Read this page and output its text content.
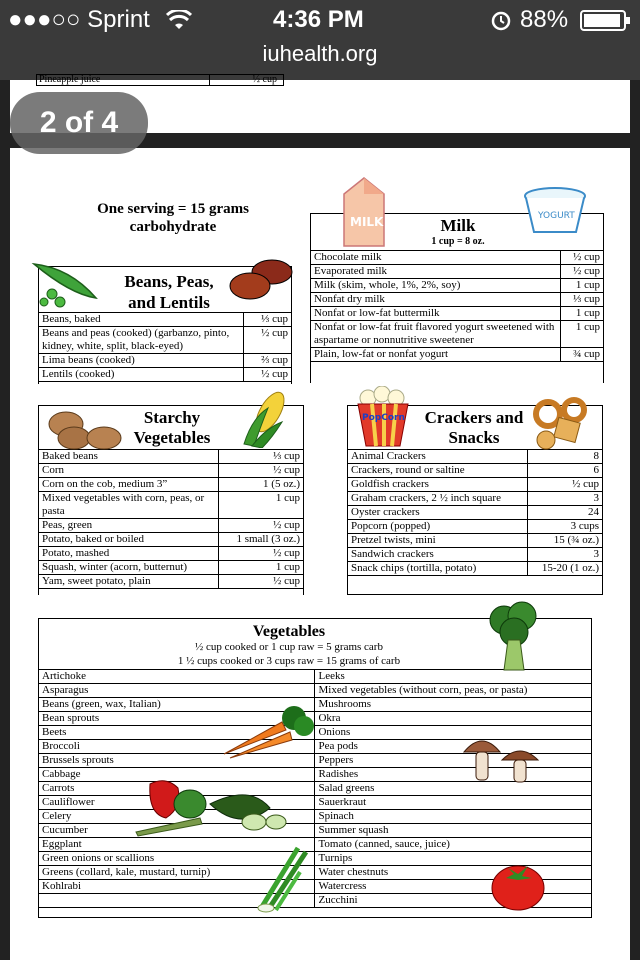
●●●○○ Sprint	4:36 PM	88%
iuhealth.org
Pineapple juice	½ cup
2 of 4
One serving = 15 grams carbohydrate
Beans, Peas,
and Lentils
Beans, baked	⅓ cup
Beans and peas (cooked) (garbanzo, pinto, kidney, white, split, black-eyed)	½ cup
Lima beans (cooked)	⅔ cup
Lentils (cooked)	½ cup
Milk
1 cup = 8 oz.
Chocolate milk	½ cup
Evaporated milk	½ cup
Milk (skim, whole, 1%, 2%, soy)	1 cup
Nonfat dry milk	⅓ cup
Nonfat or low-fat buttermilk	1 cup
Nonfat or low-fat fruit flavored yogurt sweetened with aspartame or nonnutritive sweetener	1 cup
Plain, low-fat or nonfat yogurt	¾ cup
MILK	YOGURT
Starchy
Vegetables
Baked beans	⅓ cup
Corn	½ cup
Corn on the cob, medium 3”	1 (5 oz.)
Mixed vegetables with corn, peas, or pasta	1 cup
Peas, green	½ cup
Potato, baked or boiled	1 small (3 oz.)
Potato, mashed	½ cup
Squash, winter (acorn, butternut)	1 cup
Yam, sweet potato, plain	½ cup
Crackers and
Snacks
Animal Crackers	8
Crackers, round or saltine	6
Goldfish crackers	½ cup
Graham crackers, 2 ½ inch square	3
Oyster crackers	24
Popcorn (popped)	3 cups
Pretzel twists, mini	15 (¾ oz.)
Sandwich crackers	3
Snack chips (tortilla, potato)	15-20 (1 oz.)
PopCorn
Vegetables
½ cup cooked or 1 cup raw = 5 grams carb
1 ½ cups cooked or 3 cups raw = 15 grams of carb
Artichoke	Leeks
Asparagus	Mixed vegetables (without corn, peas, or pasta)
Beans (green, wax, Italian)	Mushrooms
Bean sprouts	Okra
Beets	Onions
Broccoli	Pea pods
Brussels sprouts	Peppers
Cabbage	Radishes
Carrots	Salad greens
Cauliflower	Sauerkraut
Celery	Spinach
Cucumber	Summer squash
Eggplant	Tomato (canned, sauce, juice)
Green onions or scallions	Turnips
Greens (collard, kale, mustard, turnip)	Water chestnuts
Kohlrabi	Watercress
	Zucchini
